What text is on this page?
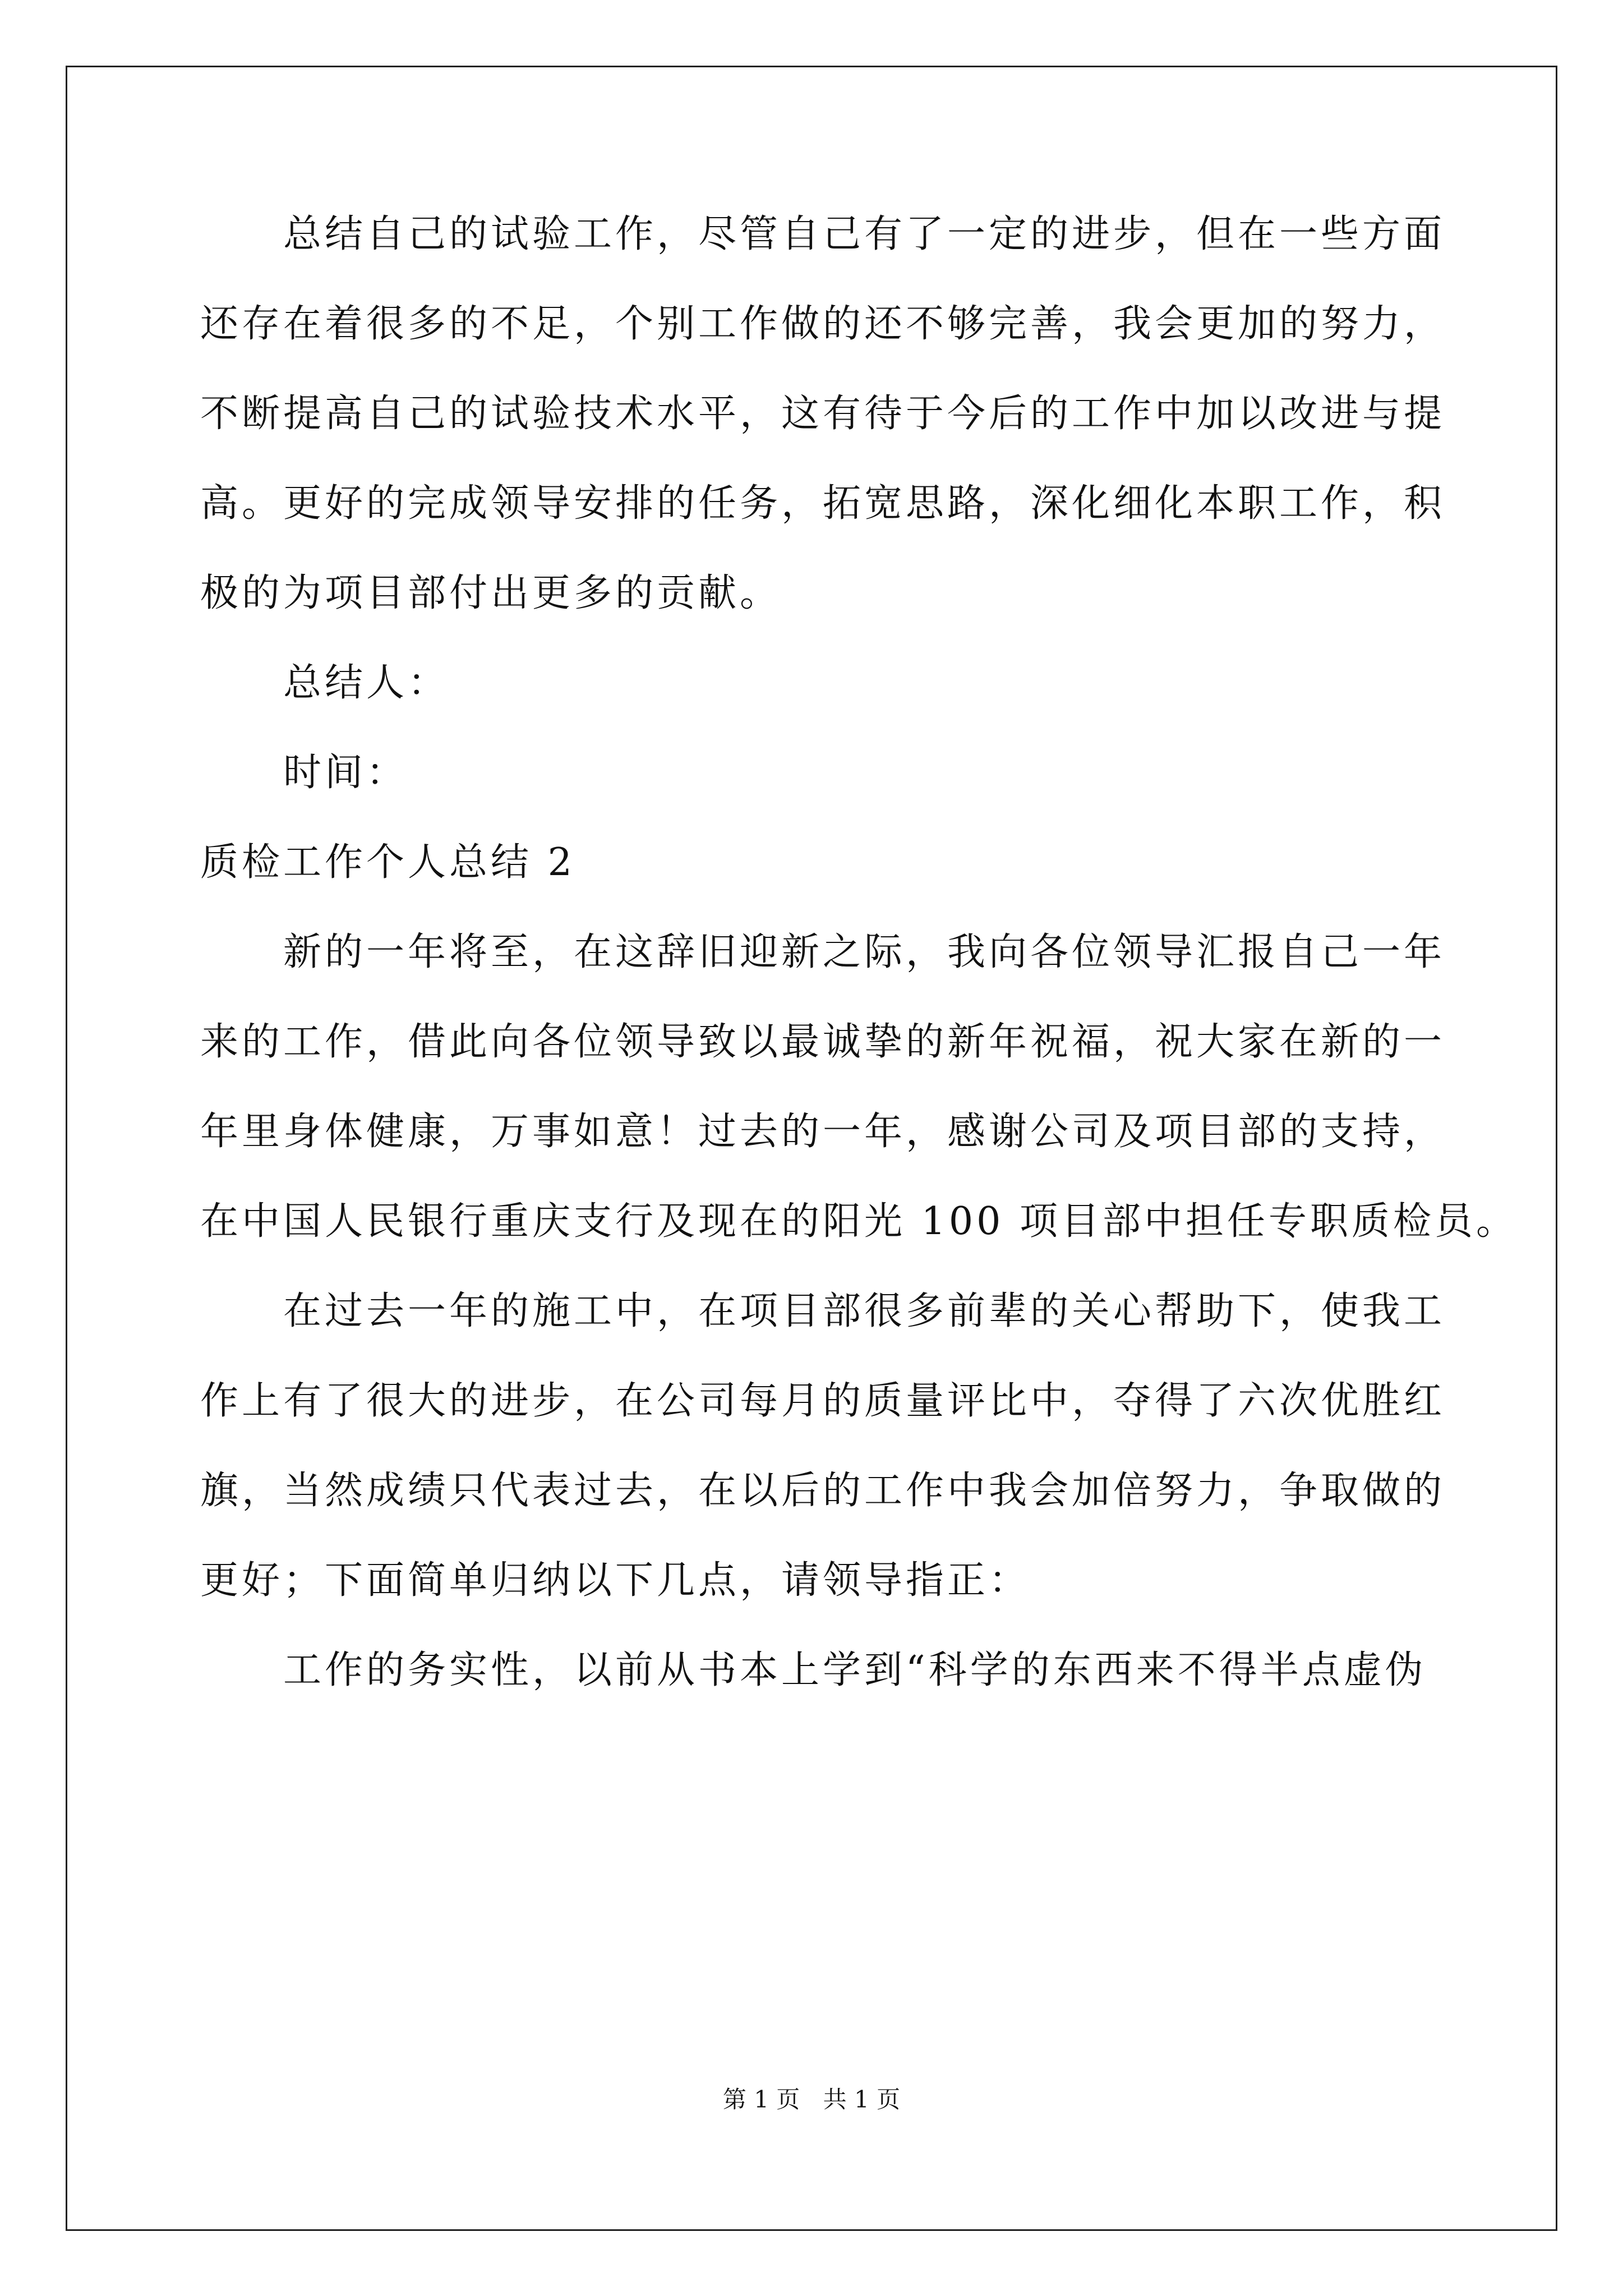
总结自己的试验工作，尽管自己有了一定的进步，但在一些方面
还存在着很多的不足，个别工作做的还不够完善，我会更加的努力，
不断提高自己的试验技术水平，这有待于今后的工作中加以改进与提
高。更好的完成领导安排的任务，拓宽思路，深化细化本职工作，积
极的为项目部付出更多的贡献。
总结人：
时间：
质检工作个人总结 2
新的一年将至，在这辞旧迎新之际，我向各位领导汇报自己一年
来的工作，借此向各位领导致以最诚挚的新年祝福，祝大家在新的一
年里身体健康，万事如意！过去的一年，感谢公司及项目部的支持，
在中国人民银行重庆支行及现在的阳光 100 项目部中担任专职质检员。
在过去一年的施工中，在项目部很多前辈的关心帮助下，使我工
作上有了很大的进步，在公司每月的质量评比中，夺得了六次优胜红
旗，当然成绩只代表过去，在以后的工作中我会加倍努力，争取做的
更好；下面简单归纳以下几点，请领导指正：
工作的务实性，以前从书本上学到“科学的东西来不得半点虚伪
第 1 页 共 1 页
